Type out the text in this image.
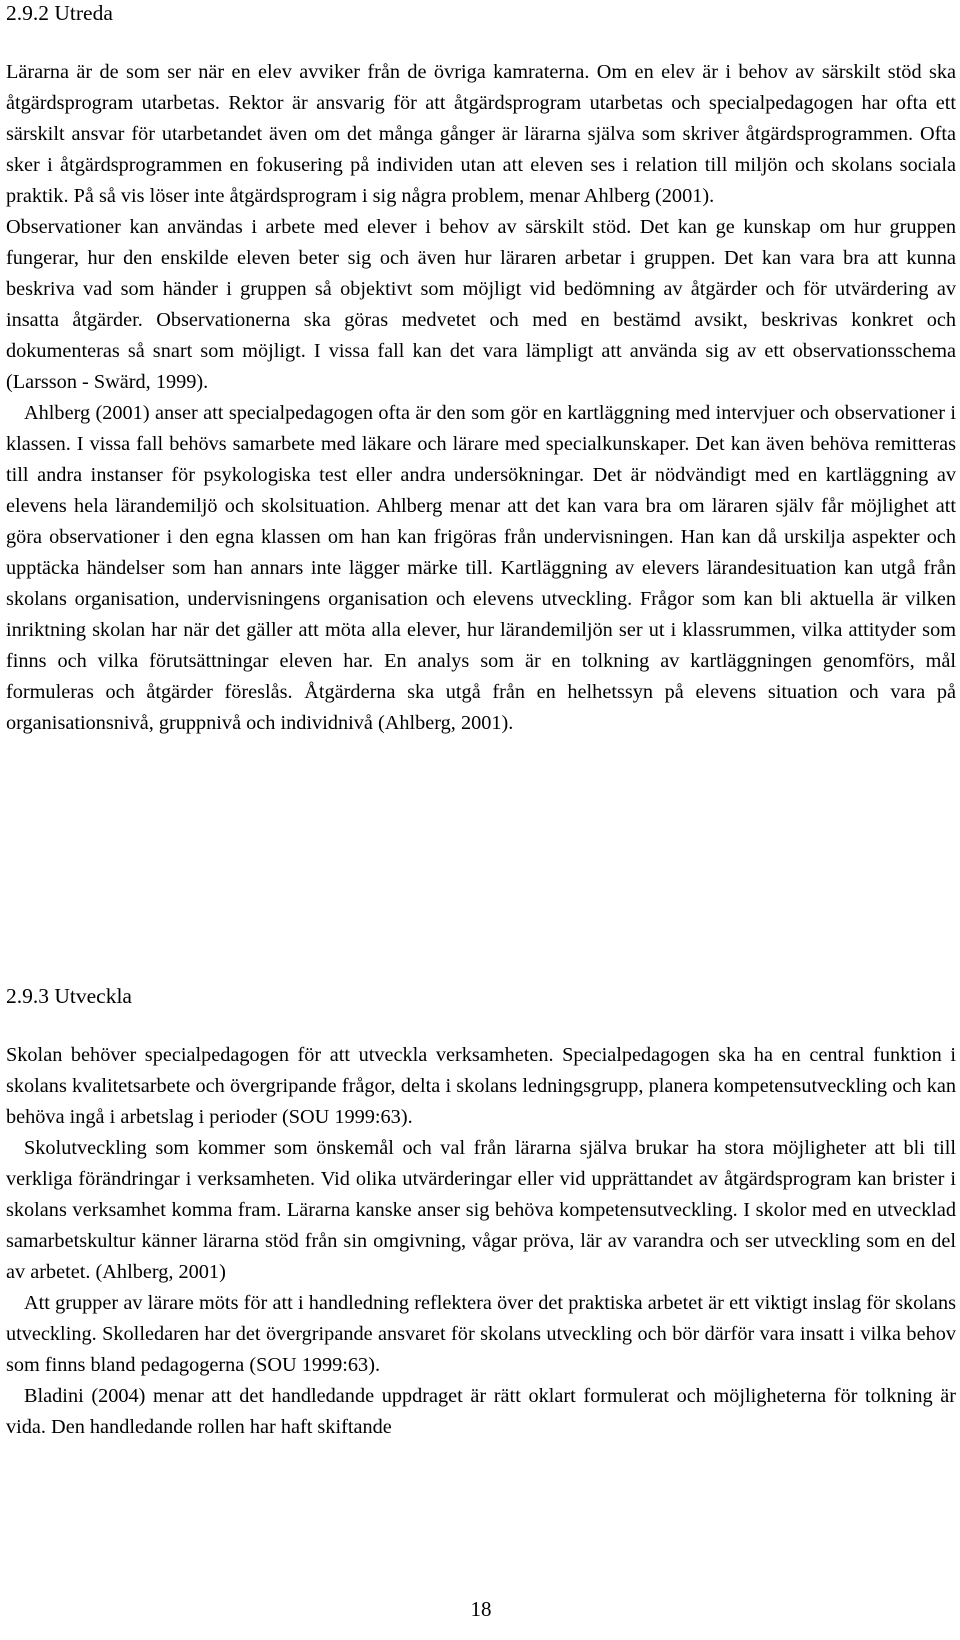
2.9.2 Utreda

Lärarna är de som ser när en elev avviker från de övriga kamraterna. Om en elev är i behov av särskilt stöd ska åtgärdsprogram utarbetas. Rektor är ansvarig för att åtgärdsprogram utarbetas och specialpedagogen har ofta ett särskilt ansvar för utarbetandet även om det många gånger är lärarna själva som skriver åtgärdsprogrammen. Ofta sker i åtgärdsprogrammen en fokusering på individen utan att eleven ses i relation till miljön och skolans sociala praktik. På så vis löser inte åtgärdsprogram i sig några problem, menar Ahlberg (2001).

Observationer kan användas i arbete med elever i behov av särskilt stöd. Det kan ge kunskap om hur gruppen fungerar, hur den enskilde eleven beter sig och även hur läraren arbetar i gruppen. Det kan vara bra att kunna beskriva vad som händer i gruppen så objektivt som möjligt vid bedömning av åtgärder och för utvärdering av insatta åtgärder. Observationerna ska göras medvetet och med en bestämd avsikt, beskrivas konkret och dokumenteras så snart som möjligt. I vissa fall kan det vara lämpligt att använda sig av ett observationsschema (Larsson - Swärd, 1999).

Ahlberg (2001) anser att specialpedagogen ofta är den som gör en kartläggning med intervjuer och observationer i klassen. I vissa fall behövs samarbete med läkare och lärare med specialkunskaper. Det kan även behöva remitteras till andra instanser för psykologiska test eller andra undersökningar. Det är nödvändigt med en kartläggning av elevens hela lärandemiljö och skolsituation. Ahlberg menar att det kan vara bra om läraren själv får möjlighet att göra observationer i den egna klassen om han kan frigöras från undervisningen. Han kan då urskilja aspekter och upptäcka händelser som han annars inte lägger märke till. Kartläggning av elevers lärandesituation kan utgå från skolans organisation, undervisningens organisation och elevens utveckling. Frågor som kan bli aktuella är vilken inriktning skolan har när det gäller att möta alla elever, hur lärandemiljön ser ut i klassrummen, vilka attityder som finns och vilka förutsättningar eleven har. En analys som är en tolkning av kartläggningen genomförs, mål formuleras och åtgärder föreslås. Åtgärderna ska utgå från en helhetssyn på elevens situation och vara på organisationsnivå, gruppnivå och individnivå (Ahlberg, 2001).

2.9.3 Utveckla

Skolan behöver specialpedagogen för att utveckla verksamheten. Specialpedagogen ska ha en central funktion i skolans kvalitetsarbete och övergripande frågor, delta i skolans ledningsgrupp, planera kompetensutveckling och kan behöva ingå i arbetslag i perioder (SOU 1999:63).

Skolutveckling som kommer som önskemål och val från lärarna själva brukar ha stora möjligheter att bli till verkliga förändringar i verksamheten. Vid olika utvärderingar eller vid upprättandet av åtgärdsprogram kan brister i skolans verksamhet komma fram. Lärarna kanske anser sig behöva kompetensutveckling. I skolor med en utvecklad samarbetskultur känner lärarna stöd från sin omgivning, vågar pröva, lär av varandra och ser utveckling som en del av arbetet. (Ahlberg, 2001)

Att grupper av lärare möts för att i handledning reflektera över det praktiska arbetet är ett viktigt inslag för skolans utveckling. Skolledaren har det övergripande ansvaret för skolans utveckling och bör därför vara insatt i vilka behov som finns bland pedagogerna (SOU 1999:63).

Bladini (2004) menar att det handledande uppdraget är rätt oklart formulerat och möjligheterna för tolkning är vida. Den handledande rollen har haft skiftande

18
